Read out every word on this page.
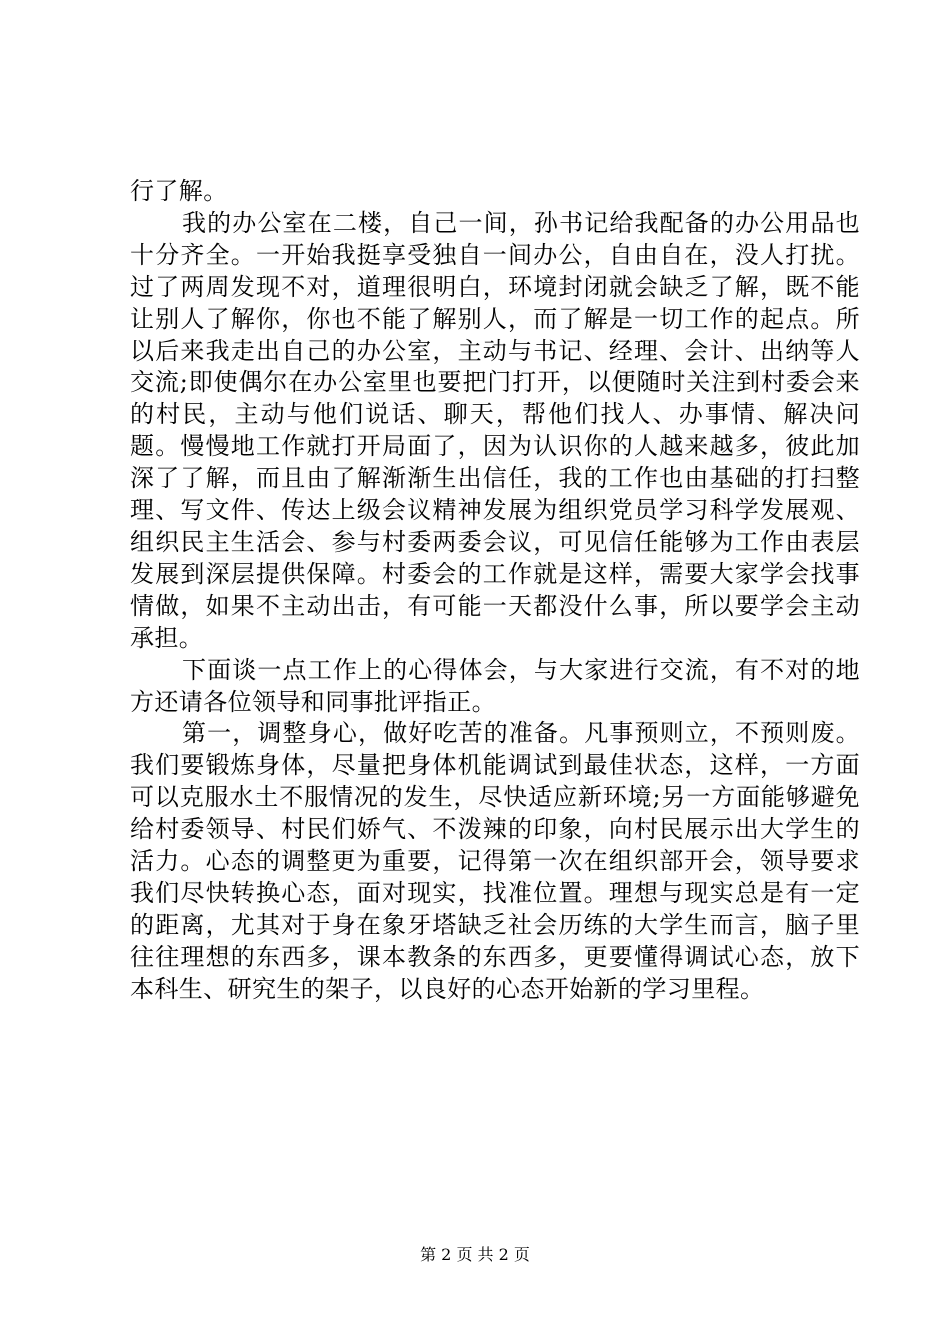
行了解。

我的办公室在二楼，自己一间，孙书记给我配备的办公用品也十分齐全。一开始我挺享受独自一间办公，自由自在，没人打扰。过了两周发现不对，道理很明白，环境封闭就会缺乏了解，既不能让别人了解你，你也不能了解别人，而了解是一切工作的起点。所以后来我走出自己的办公室，主动与书记、经理、会计、出纳等人交流;即使偶尔在办公室里也要把门打开，以便随时关注到村委会来的村民，主动与他们说话、聊天，帮他们找人、办事情、解决问题。慢慢地工作就打开局面了，因为认识你的人越来越多，彼此加深了了解，而且由了解渐渐生出信任，我的工作也由基础的打扫整理、写文件、传达上级会议精神发展为组织党员学习科学发展观、组织民主生活会、参与村委两委会议，可见信任能够为工作由表层发展到深层提供保障。村委会的工作就是这样，需要大家学会找事情做，如果不主动出击，有可能一天都没什么事，所以要学会主动承担。

下面谈一点工作上的心得体会，与大家进行交流，有不对的地方还请各位领导和同事批评指正。

第一，调整身心，做好吃苦的准备。凡事预则立，不预则废。我们要锻炼身体，尽量把身体机能调试到最佳状态，这样，一方面可以克服水土不服情况的发生，尽快适应新环境;另一方面能够避免给村委领导、村民们娇气、不泼辣的印象，向村民展示出大学生的活力。心态的调整更为重要，记得第一次在组织部开会，领导要求我们尽快转换心态，面对现实，找准位置。理想与现实总是有一定的距离，尤其对于身在象牙塔缺乏社会历练的大学生而言，脑子里往往理想的东西多，课本教条的东西多，更要懂得调试心态，放下本科生、研究生的架子，以良好的心态开始新的学习里程。

第 2 页 共 2 页
